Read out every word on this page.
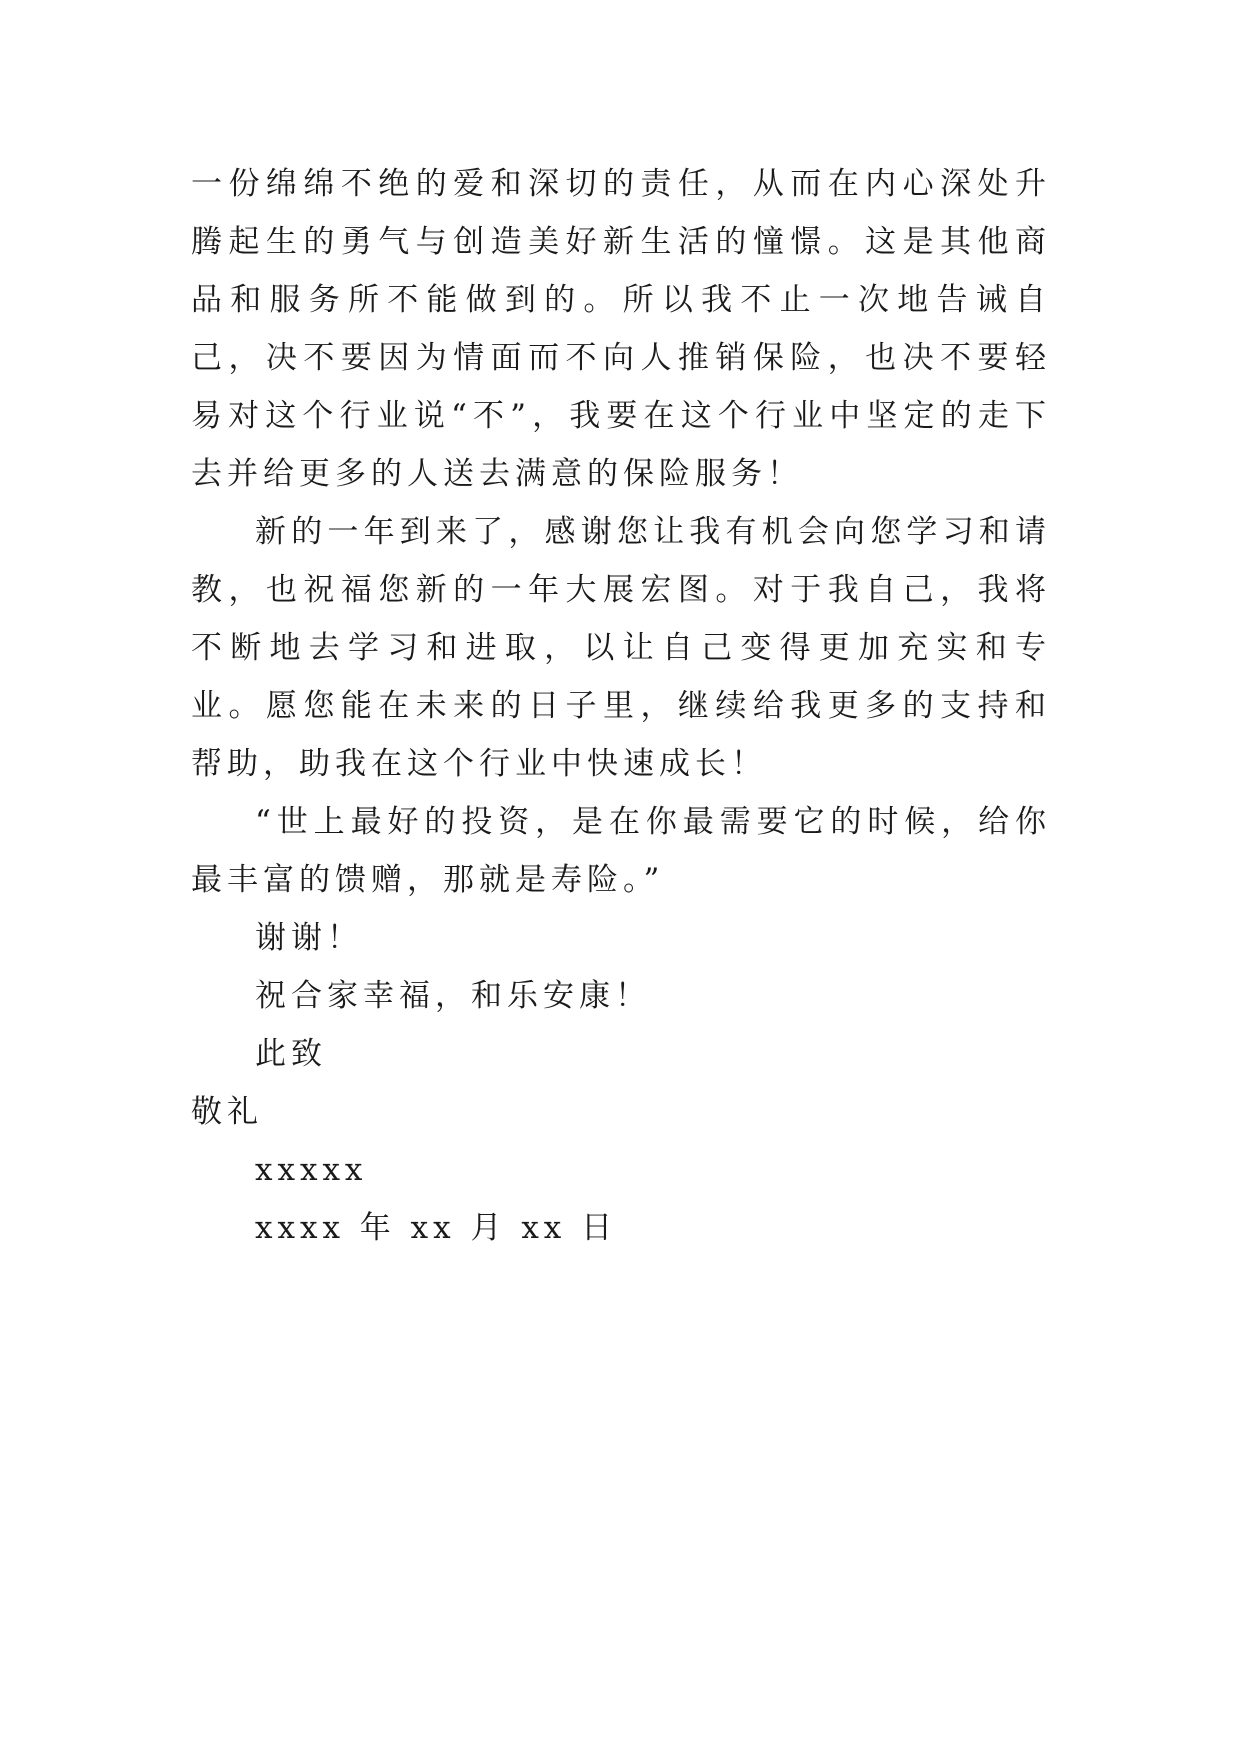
一份绵绵不绝的爱和深切的责任，从而在内心深处升腾起生的勇气与创造美好新生活的憧憬。这是其他商品和服务所不能做到的。所以我不止一次地告诫自己，决不要因为情面而不向人推销保险，也决不要轻易对这个行业说“不”，我要在这个行业中坚定的走下去并给更多的人送去满意的保险服务！

新的一年到来了，感谢您让我有机会向您学习和请教，也祝福您新的一年大展宏图。对于我自己，我将不断地去学习和进取，以让自己变得更加充实和专业。愿您能在未来的日子里，继续给我更多的支持和帮助，助我在这个行业中快速成长！

“世上最好的投资，是在你最需要它的时候，给你最丰富的馈赠，那就是寿险。”

谢谢！

祝合家幸福，和乐安康！

此致

敬礼

xxxxx

xxxx 年 xx 月 xx 日
